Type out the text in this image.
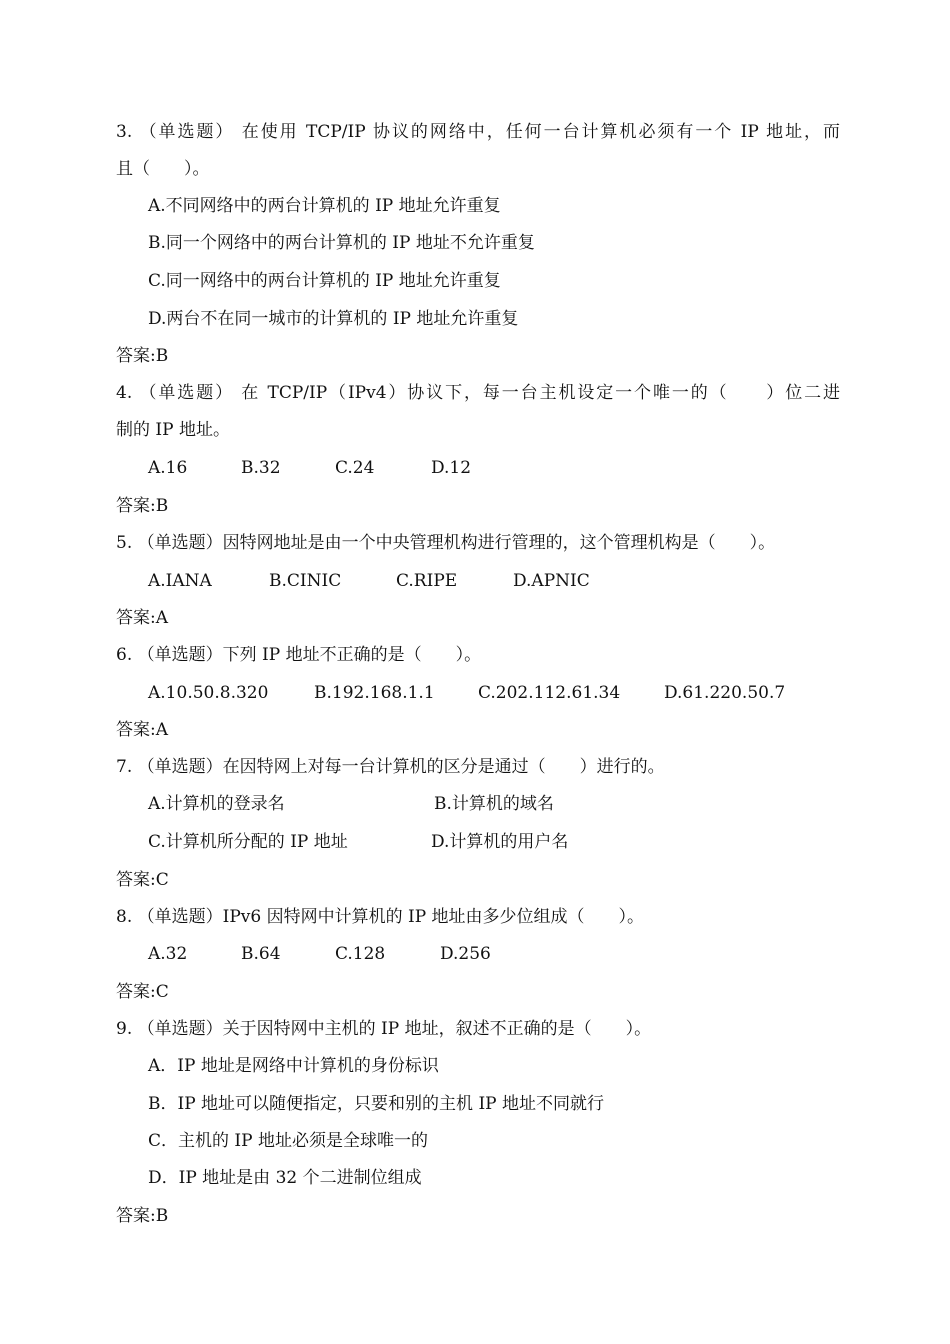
3. （单选题） 在使用 TCP/IP 协议的网络中，任何一台计算机必须有一个 IP 地址，而
且（　　）。
A.不同网络中的两台计算机的 IP 地址允许重复
B.同一个网络中的两台计算机的 IP 地址不允许重复
C.同一网络中的两台计算机的 IP 地址允许重复
D.两台不在同一城市的计算机的 IP 地址允许重复
答案:B
4. （单选题） 在 TCP/IP（IPv4）协议下，每一台主机设定一个唯一的（　　）位二进
制的 IP 地址。
A.16	B.32	C.24	D.12
答案:B
5. （单选题）因特网地址是由一个中央管理机构进行管理的，这个管理机构是（　　）。
A.IANA	B.CINIC	C.RIPE	D.APNIC
答案:A
6. （单选题）下列 IP 地址不正确的是（　　）。
A.10.50.8.320	B.192.168.1.1	C.202.112.61.34	D.61.220.50.7
答案:A
7. （单选题）在因特网上对每一台计算机的区分是通过（　　）进行的。
A.计算机的登录名	B.计算机的域名
C.计算机所分配的 IP 地址	D.计算机的用户名
答案:C
8. （单选题）IPv6 因特网中计算机的 IP 地址由多少位组成（　　）。
A.32	B.64	C.128	D.256
答案:C
9. （单选题）关于因特网中主机的 IP 地址，叙述不正确的是（　　）。
A．IP 地址是网络中计算机的身份标识
B．IP 地址可以随便指定，只要和别的主机 IP 地址不同就行
C．主机的 IP 地址必须是全球唯一的
D．IP 地址是由 32 个二进制位组成
答案:B
